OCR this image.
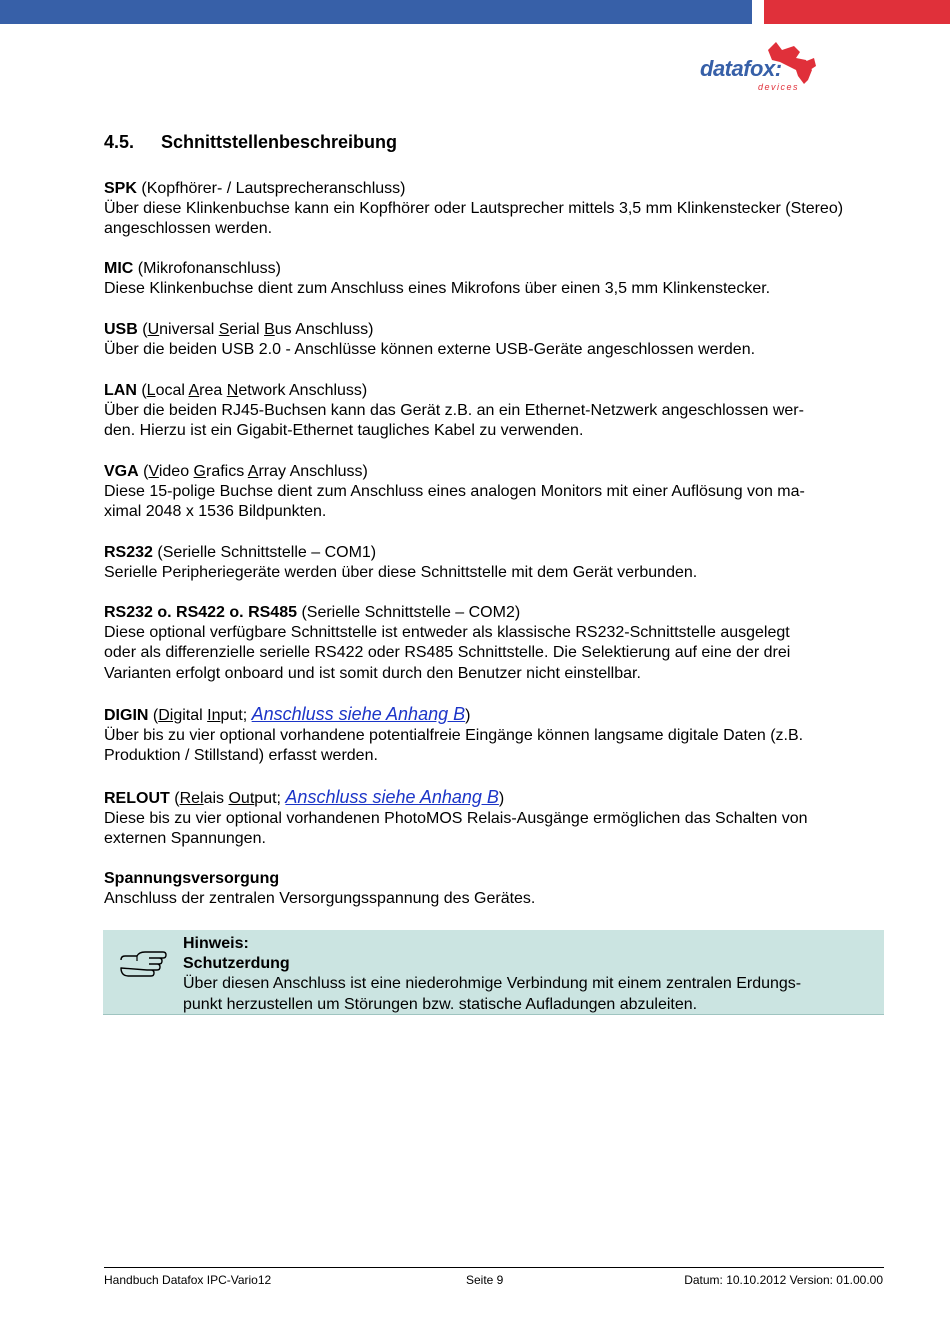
datafox:
devices
4.5. Schnittstellenbeschreibung
SPK (Kopfhörer- / Lautsprecheranschluss)
Über diese Klinkenbuchse kann ein Kopfhörer oder Lautsprecher mittels 3,5 mm Klinkenstecker (Stereo) angeschlossen werden.
MIC (Mikrofonanschluss)
Diese Klinkenbuchse dient zum Anschluss eines Mikrofons über einen 3,5 mm Klinkenstecker.
USB (Universal Serial Bus Anschluss)
Über die beiden USB 2.0 - Anschlüsse können externe USB-Geräte angeschlossen werden.
LAN (Local Area Network Anschluss)
Über die beiden RJ45-Buchsen kann das Gerät z.B. an ein Ethernet-Netzwerk angeschlossen wer-
den. Hierzu ist ein Gigabit-Ethernet taugliches Kabel zu verwenden.
VGA (Video Grafics Array Anschluss)
Diese 15-polige Buchse dient zum Anschluss eines analogen Monitors mit einer Auflösung von ma-
ximal 2048 x 1536 Bildpunkten.
RS232 (Serielle Schnittstelle – COM1)
Serielle Peripheriegeräte werden über diese Schnittstelle mit dem Gerät verbunden.
RS232 o. RS422 o. RS485 (Serielle Schnittstelle – COM2)
Diese optional verfügbare Schnittstelle ist entweder als klassische RS232-Schnittstelle ausgelegt
oder als differenzielle serielle RS422 oder RS485 Schnittstelle. Die Selektierung auf eine der drei
Varianten erfolgt onboard und ist somit durch den Benutzer nicht einstellbar.
DIGIN (Digital Input; Anschluss siehe Anhang B)
Über bis zu vier optional vorhandene potentialfreie Eingänge können langsame digitale Daten (z.B.
Produktion / Stillstand) erfasst werden.
RELOUT (Relais Output; Anschluss siehe Anhang B)
Diese bis zu vier optional vorhandenen PhotoMOS Relais-Ausgänge ermöglichen das Schalten von
externen Spannungen.
Spannungsversorgung
Anschluss der zentralen Versorgungsspannung des Gerätes.
Hinweis:
Schutzerdung
Über diesen Anschluss ist eine niederohmige Verbindung mit einem zentralen Erdungs-
punkt herzustellen um Störungen bzw. statische Aufladungen abzuleiten.
Handbuch Datafox IPC-Vario12	Seite 9	Datum: 10.10.2012 Version: 01.00.00
